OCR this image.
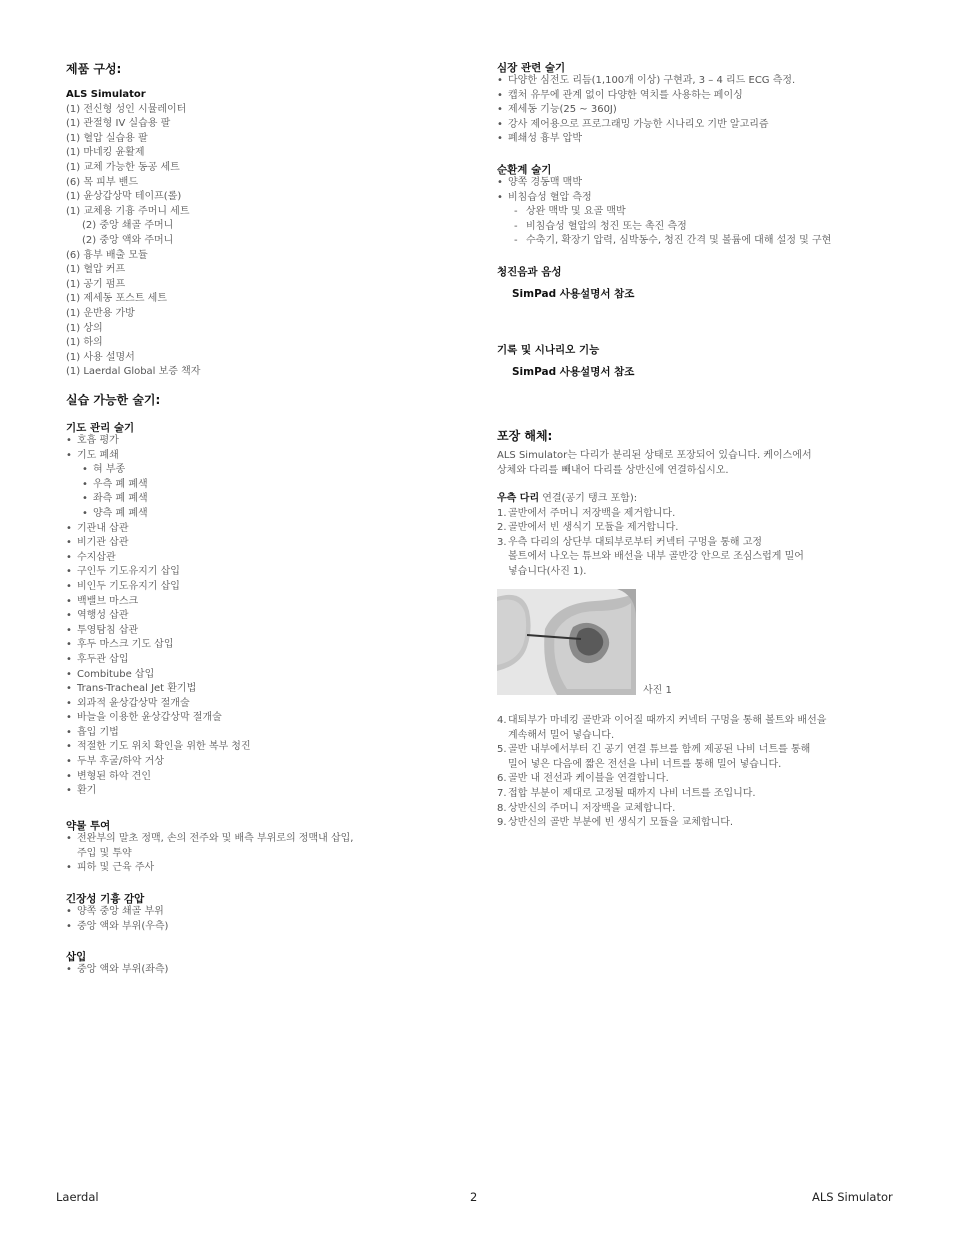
제품 구성:
ALS Simulator
(1) 전신형 성인 시뮬레이터
(1) 관절형 IV 실습용 팔
(1) 혈압 실습용 팔
(1) 마네킹 윤활제
(1) 교체 가능한 동공 세트
(6) 목 피부 밴드
(1) 윤상갑상막 테이프(롤)
(1) 교체용 기흉 주머니 세트
(2) 중앙 쇄골 주머니
(2) 중앙 액와 주머니
(6) 흉부 배출 모듈
(1) 혈압 커프
(1) 공기 펌프
(1) 제세동 포스트 세트
(1) 운반용 가방
(1) 상의
(1) 하의
(1) 사용 설명서
(1) Laerdal Global 보증 책자
실습 가능한 술기:
기도 관리 술기
• 호흡 평가
• 기도 폐쇄
• 혀 부종
• 우측 폐 폐색
• 좌측 폐 폐색
• 양측 폐 폐색
• 기관내 삽관
• 비기관 삽관
• 수지삽관
• 구인두 기도유지기 삽입
• 비인두 기도유지기 삽입
• 백밸브 마스크
• 역행성 삽관
• 투영탐침 삽관
• 후두 마스크 기도 삽입
• 후두관 삽입
• Combitube 삽입
• Trans-Tracheal Jet 환기법
• 외과적 윤상갑상막 절개술
• 바늘을 이용한 윤상갑상막 절개술
• 흡입 기법
• 적절한 기도 위치 확인을 위한 복부 청진
• 두부 후굴/하악 거상
• 변형된 하악 견인
• 환기
약물 투여
• 전완부의 말초 정맥, 손의 전주와 및 배측 부위로의 정맥내 삽입,
주입 및 투약
• 피하 및 근육 주사
긴장성 기흉 감압
• 양쪽 중앙 쇄골 부위
• 중앙 액와 부위(우측)
삽입
• 중앙 액와 부위(좌측)
심장 관련 술기
• 다양한 심전도 리듬(1,100개 이상) 구현과, 3 – 4 리드 ECG 측정.
• 캡처 유무에 관계 없이 다양한 역치를 사용하는 페이싱
• 제세동 기능(25 ~ 360J)
• 강사 제어용으로 프로그래밍 가능한 시나리오 기반 알고리즘
• 폐쇄성 흉부 압박
순환계 술기
• 양쪽 경동맥 맥박
• 비침습성 혈압 측정
- 상완 맥박 및 요골 맥박
- 비침습성 혈압의 청진 또는 촉진 측정
- 수축기, 확장기 압력, 심박동수, 청진 간격 및 볼륨에 대해 설정 및 구현
청진음과 음성
SimPad 사용설명서 참조
기록 및 시나리오 기능
SimPad 사용설명서 참조
포장 해체:
ALS Simulator는 다리가 분리된 상태로 포장되어 있습니다. 케이스에서
상체와 다리를 빼내어 다리를 상반신에 연결하십시오.
우측 다리 연결(공기 탱크 포함):
1.골반에서 주머니 저장백을 제거합니다.
2.골반에서 빈 생식기 모듈을 제거합니다.
3.우측 다리의 상단부 대퇴부로부터 커넥터 구멍을 통해 고정
볼트에서 나오는 튜브와 배선을 내부 골반강 안으로 조심스럽게 밀어
넣습니다(사진 1).
사진 1
4.대퇴부가 마네킹 골반과 이어질 때까지 커넥터 구멍을 통해 볼트와 배선을
계속해서 밀어 넣습니다.
5.골반 내부에서부터 긴 공기 연결 튜브를 함께 제공된 나비 너트를 통해
밀어 넣은 다음에 짧은 전선을 나비 너트를 통해 밀어 넣습니다.
6.골반 내 전선과 케이블을 연결합니다.
7.접합 부분이 제대로 고정될 때까지 나비 너트를 조입니다.
8.상반신의 주머니 저장백을 교체합니다.
9.상반신의 골반 부분에 빈 생식기 모듈을 교체합니다.
Laerdal	2	ALS Simulator
